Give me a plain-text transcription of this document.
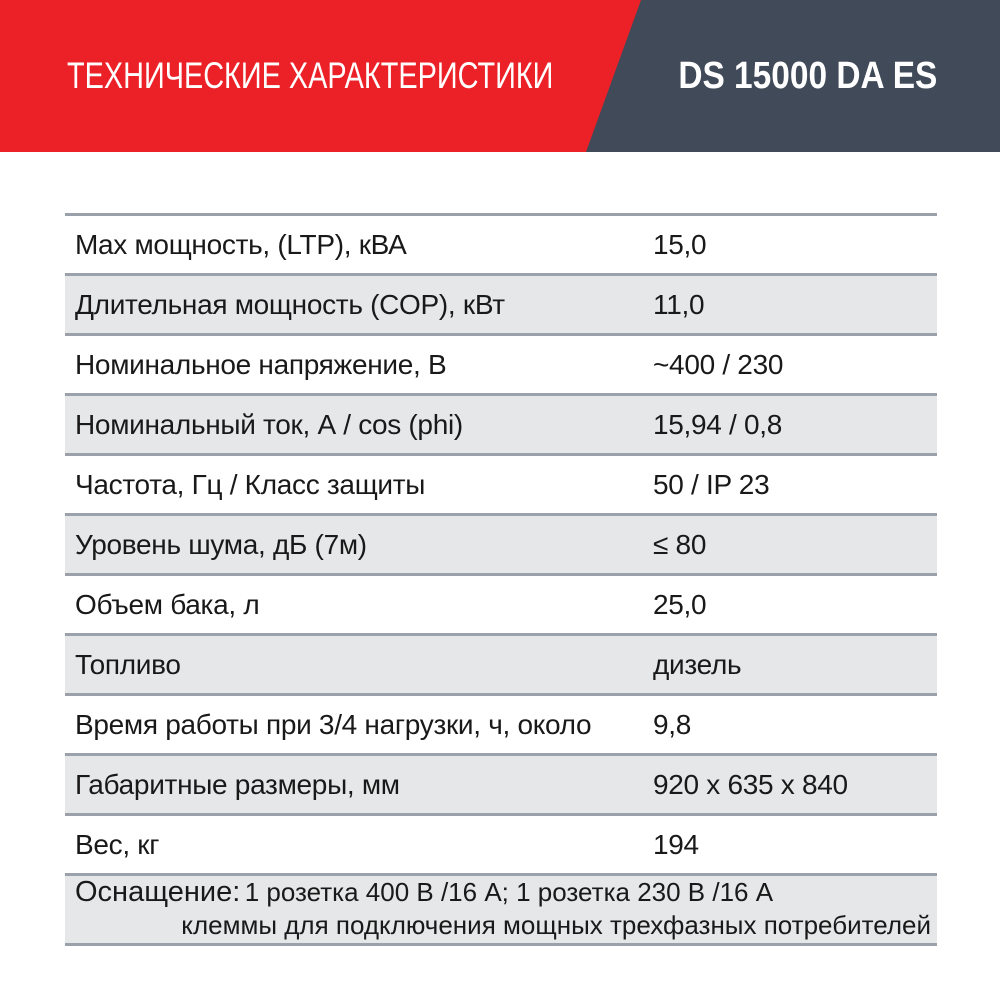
ТЕХНИЧЕСКИЕ ХАРАКТЕРИСТИКИ	DS 15000 DA ES
Max мощность, (LTP), кВА	15,0
Длительная мощность (COP), кВт	11,0
Номинальное напряжение, В	~400 / 230
Номинальный ток, А / cos (phi)	15,94 / 0,8
Частота, Гц / Класс защиты	50 / IP 23
Уровень шума, дБ (7м)	≤ 80
Объем бака, л	25,0
Топливо	дизель
Время работы при 3/4 нагрузки, ч, около	9,8
Габаритные размеры, мм	920 x 635 x 840
Вес, кг	194
Оснащение: 1 розетка 400 В /16 А; 1 розетка 230 В /16 А
клеммы для подключения мощных трехфазных потребителей
